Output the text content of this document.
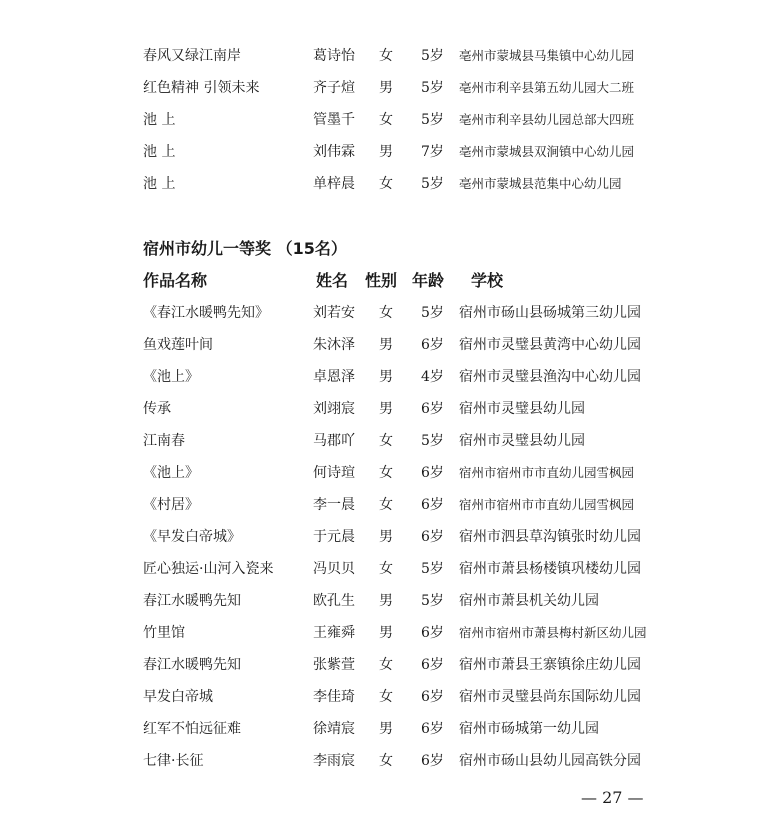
春风又绿江南岸	葛诗怡 女 5岁 亳州市蒙城县马集镇中心幼儿园
红色精神 引领未来	齐子煊 男 5岁 亳州市利辛县第五幼儿园大二班
池 上	管墨千 女 5岁 亳州市利辛县幼儿园总部大四班
池 上	刘伟霖 男 7岁 亳州市蒙城县双涧镇中心幼儿园
池 上	单梓晨 女 5岁 亳州市蒙城县范集中心幼儿园
宿州市幼儿一等奖 （15名）
作品名称	姓名 性别 年龄 学校
《春江水暖鸭先知》	刘若安 女 5岁 宿州市砀山县砀城第三幼儿园
鱼戏莲叶间	朱沐泽 男 6岁 宿州市灵璧县黄湾中心幼儿园
《池上》	卓恩泽 男 4岁 宿州市灵璧县渔沟中心幼儿园
传承	刘翊宸 男 6岁 宿州市灵璧县幼儿园
江南春	马郡吖 女 5岁 宿州市灵璧县幼儿园
《池上》	何诗瑄 女 6岁 宿州市宿州市市直幼儿园雪枫园
《村居》	李一晨 女 6岁 宿州市宿州市市直幼儿园雪枫园
《早发白帝城》	于元晨 男 6岁 宿州市泗县草沟镇张时幼儿园
匠心独运·山河入瓷来	冯贝贝 女 5岁 宿州市萧县杨楼镇巩楼幼儿园
春江水暖鸭先知	欧孔生 男 5岁 宿州市萧县机关幼儿园
竹里馆	王雍舜 男 6岁 宿州市宿州市萧县梅村新区幼儿园
春江水暖鸭先知	张紫萱 女 6岁 宿州市萧县王寨镇徐庄幼儿园
早发白帝城	李佳琦 女 6岁 宿州市灵璧县尚东国际幼儿园
红军不怕远征难	徐靖宸 男 6岁 宿州市砀城第一幼儿园
七律·长征	李雨宸 女 6岁 宿州市砀山县幼儿园高铁分园
— 27 —
